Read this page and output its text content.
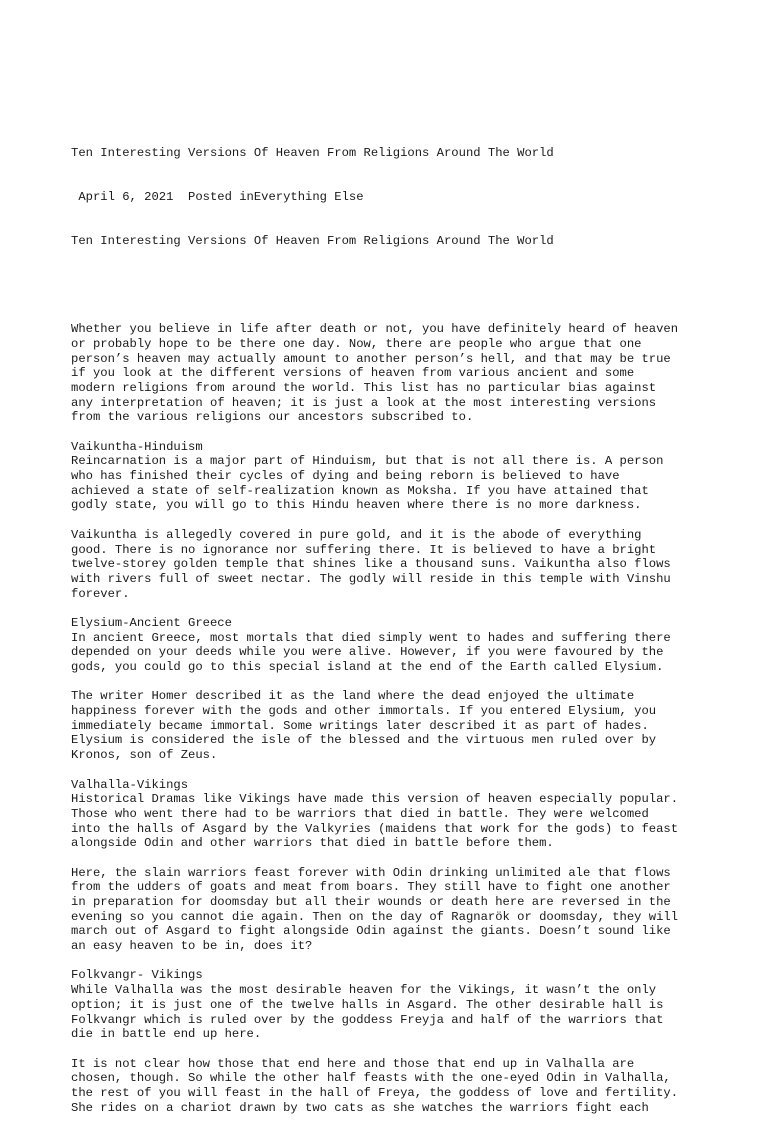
Ten Interesting Versions Of Heaven From Religions Around The World

April 6, 2021  Posted inEverything Else

Ten Interesting Versions Of Heaven From Religions Around The World

Whether you believe in life after death or not, you have definitely heard of heaven
or probably hope to be there one day. Now, there are people who argue that one
person’s heaven may actually amount to another person’s hell, and that may be true
if you look at the different versions of heaven from various ancient and some
modern religions from around the world. This list has no particular bias against
any interpretation of heaven; it is just a look at the most interesting versions
from the various religions our ancestors subscribed to.
Vaikuntha-Hinduism
Reincarnation is a major part of Hinduism, but that is not all there is. A person
who has finished their cycles of dying and being reborn is believed to have
achieved a state of self-realization known as Moksha. If you have attained that
godly state, you will go to this Hindu heaven where there is no more darkness.
Vaikuntha is allegedly covered in pure gold, and it is the abode of everything
good. There is no ignorance nor suffering there. It is believed to have a bright
twelve-storey golden temple that shines like a thousand suns. Vaikuntha also flows
with rivers full of sweet nectar. The godly will reside in this temple with Vinshu
forever.
Elysium-Ancient Greece
In ancient Greece, most mortals that died simply went to hades and suffering there
depended on your deeds while you were alive. However, if you were favoured by the
gods, you could go to this special island at the end of the Earth called Elysium.
The writer Homer described it as the land where the dead enjoyed the ultimate
happiness forever with the gods and other immortals. If you entered Elysium, you
immediately became immortal. Some writings later described it as part of hades.
Elysium is considered the isle of the blessed and the virtuous men ruled over by
Kronos, son of Zeus.
Valhalla-Vikings
Historical Dramas like Vikings have made this version of heaven especially popular.
Those who went there had to be warriors that died in battle. They were welcomed
into the halls of Asgard by the Valkyries (maidens that work for the gods) to feast
alongside Odin and other warriors that died in battle before them.
Here, the slain warriors feast forever with Odin drinking unlimited ale that flows
from the udders of goats and meat from boars. They still have to fight one another
in preparation for doomsday but all their wounds or death here are reversed in the
evening so you cannot die again. Then on the day of Ragnarök or doomsday, they will
march out of Asgard to fight alongside Odin against the giants. Doesn’t sound like
an easy heaven to be in, does it?
Folkvangr- Vikings
While Valhalla was the most desirable heaven for the Vikings, it wasn’t the only
option; it is just one of the twelve halls in Asgard. The other desirable hall is
Folkvangr which is ruled over by the goddess Freyja and half of the warriors that
die in battle end up here.
It is not clear how those that end here and those that end up in Valhalla are
chosen, though. So while the other half feasts with the one-eyed Odin in Valhalla,
the rest of you will feast in the hall of Freya, the goddess of love and fertility.
She rides on a chariot drawn by two cats as she watches the warriors fight each
